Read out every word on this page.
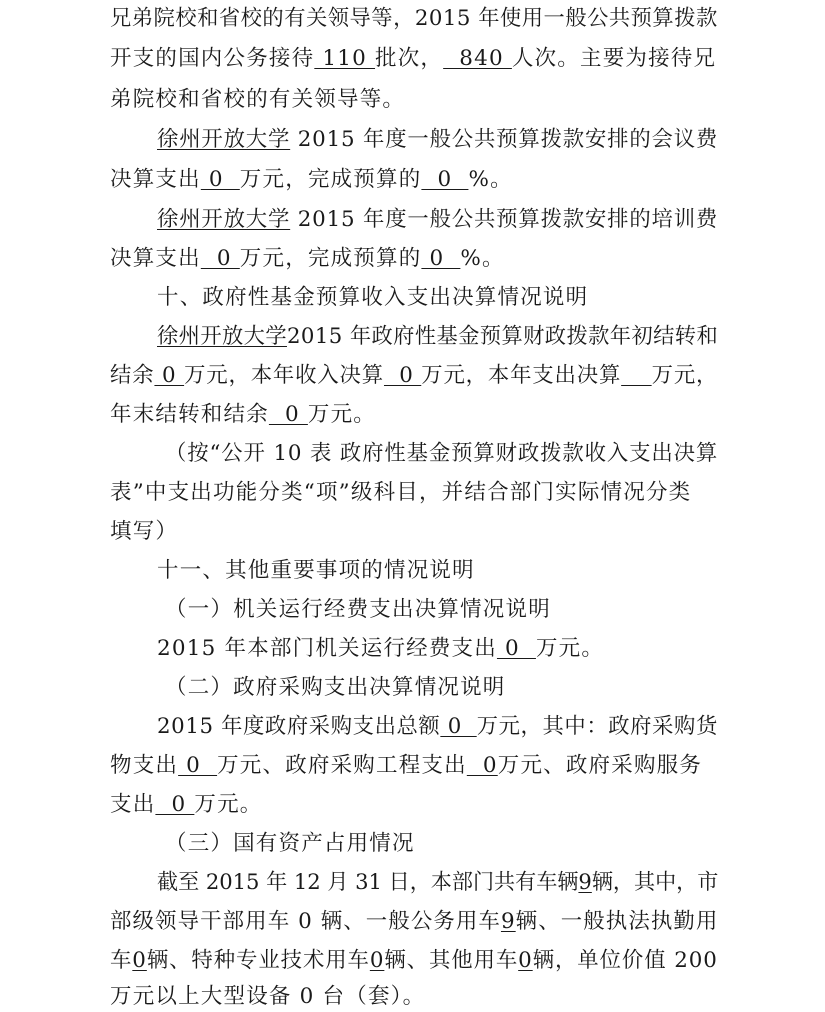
兄弟院校和省校的有关领导等，2015 年使用一般公共预算拨款
开支的国内公务接待 110 批次，  840 人次。主要为接待兄
弟院校和省校的有关领导等。
徐州开放大学 2015 年度一般公共预算拨款安排的会议费
决算支出 0  万元，完成预算的  0  %。
徐州开放大学 2015 年度一般公共预算拨款安排的培训费
决算支出  0 万元，完成预算的 0  %。
十、政府性基金预算收入支出决算情况说明
徐州开放大学2015 年政府性基金预算财政拨款年初结转和
结余 0 万元，本年收入决算  0 万元，本年支出决算 万元，
年末结转和结余  0 万元。
（按“公开 10 表 政府性基金预算财政拨款收入支出决算
表”中支出功能分类“项”级科目，并结合部门实际情况分类
填写）
十一、其他重要事项的情况说明
（一）机关运行经费支出决算情况说明
2015 年本部门机关运行经费支出 0  万元。
（二）政府采购支出决算情况说明
2015 年度政府采购支出总额 0  万元，其中：政府采购货
物支出 0  万元、政府采购工程支出  0万元、政府采购服务
支出  0 万元。
（三）国有资产占用情况
截至 2015 年 12 月 31 日，本部门共有车辆9辆，其中，市
部级领导干部用车 0 辆、一般公务用车9辆、一般执法执勤用
车0辆、特种专业技术用车0辆、其他用车0辆，单位价值 200
万元以上大型设备 0 台（套）。
